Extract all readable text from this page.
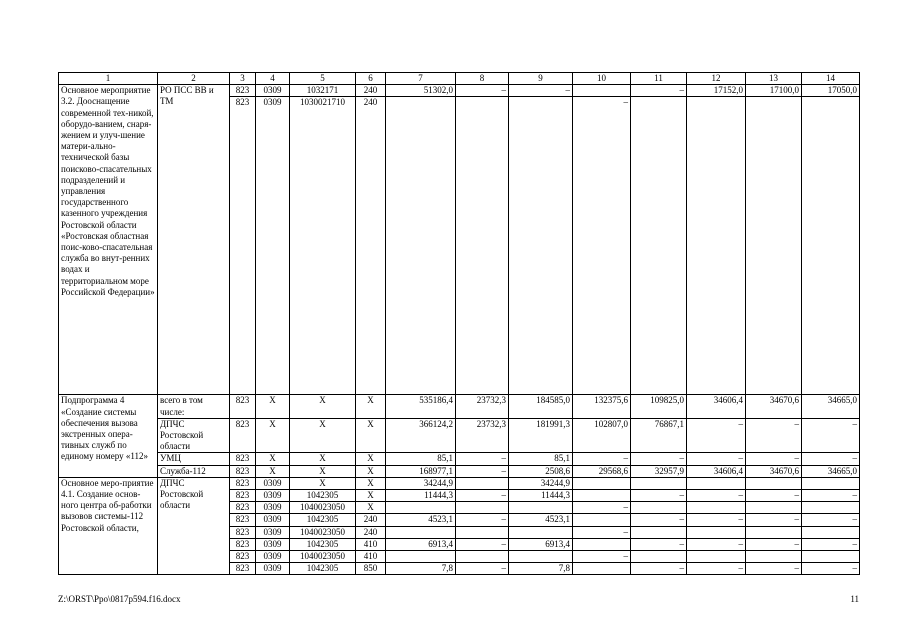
1	2	3	4	5	6	7	8	9	10	11	12	13	14
Основное мероприятие 3.2. Дооснащение современной тех-никой, оборудо-ванием, снаря-жением и улуч-шение матери-ально-технической базы поисково-спасательных подразделений и управления государственного казенного учреждения Ростовской области «Ростовская областная поис-ково-спасательная служба во внут-ренних водах и территориальном море Российской Федерации»	РО ПСС ВВ и ТМ	823	0309	1032171	240	51302,0	–	–		–	17152,0	17100,0	17050,0
		823	0309	1030021710	240				–				
Подпрограмма 4 «Создание системы обеспечения вызова экстренных опера-тивных служб по единому номеру «112»	всего в том числе:	823	Х	Х	Х	535186,4	23732,3	184585,0	132375,6	109825,0	34606,4	34670,6	34665,0
	ДПЧС Ростовской области	823	Х	Х	Х	366124,2	23732,3	181991,3	102807,0	76867,1	–	–	–
	УМЦ	823	Х	Х	Х	85,1	–	85,1	–	–	–	–	–
	Служба-112	823	Х	Х	Х	168977,1	–	2508,6	29568,6	32957,9	34606,4	34670,6	34665,0
Основное меро-приятие 4.1. Создание основ-ного центра об-работки вызовов системы-112 Ростовской области,	ДПЧС Ростовской области	823	0309	Х	Х	34244,9		34244,9					
		823	0309	1042305	Х	11444,3	–	11444,3		–	–	–	–
		823	0309	1040023050	Х				–				
		823	0309	1042305	240	4523,1	–	4523,1		–	–	–	–
		823	0309	1040023050	240				–				
		823	0309	1042305	410	6913,4	–	6913,4		–	–	–	–
		823	0309	1040023050	410				–				
		823	0309	1042305	850	7,8	–	7,8		–	–	–	–
Z:\ORST\Ppo\0817p594.f16.docx	11
